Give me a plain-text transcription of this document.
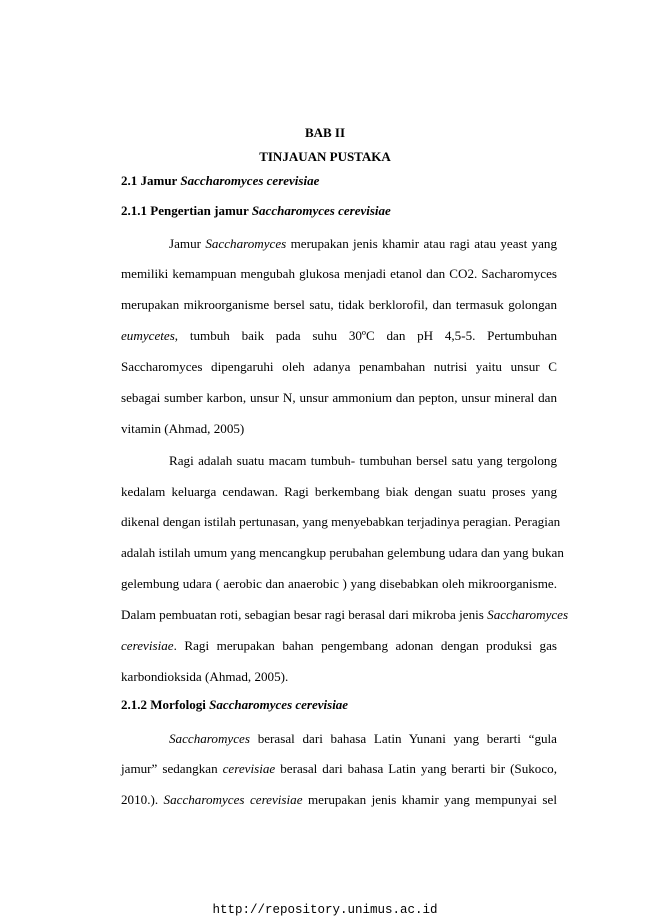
BAB II
TINJAUAN PUSTAKA
2.1 Jamur Saccharomyces cerevisiae
2.1.1 Pengertian jamur Saccharomyces cerevisiae
Jamur Saccharomyces merupakan jenis khamir atau ragi atau yeast yang
memiliki kemampuan mengubah glukosa menjadi etanol dan CO2. Sacharomyces
merupakan mikroorganisme bersel satu, tidak berklorofil, dan termasuk golongan
eumycetes, tumbuh baik pada suhu 30ºC dan pH 4,5-5. Pertumbuhan
Saccharomyces dipengaruhi oleh adanya penambahan nutrisi yaitu unsur C
sebagai sumber karbon, unsur N, unsur ammonium dan pepton, unsur mineral dan
vitamin (Ahmad, 2005)
Ragi adalah suatu macam tumbuh- tumbuhan bersel satu yang tergolong
kedalam keluarga cendawan. Ragi berkembang biak dengan suatu proses yang
dikenal dengan istilah pertunasan, yang menyebabkan terjadinya peragian. Peragian
adalah istilah umum yang mencangkup perubahan gelembung udara dan yang bukan
gelembung udara ( aerobic dan anaerobic ) yang disebabkan oleh mikroorganisme.
Dalam pembuatan roti, sebagian besar ragi berasal dari mikroba jenis Saccharomyces
cerevisiae. Ragi merupakan bahan pengembang adonan dengan produksi gas
karbondioksida (Ahmad, 2005).
2.1.2 Morfologi Saccharomyces cerevisiae
Saccharomyces berasal dari bahasa Latin Yunani yang berarti “gula
jamur” sedangkan cerevisiae berasal dari bahasa Latin yang berarti bir (Sukoco,
2010.). Saccharomyces cerevisiae merupakan jenis khamir yang mempunyai sel
http://repository.unimus.ac.id
